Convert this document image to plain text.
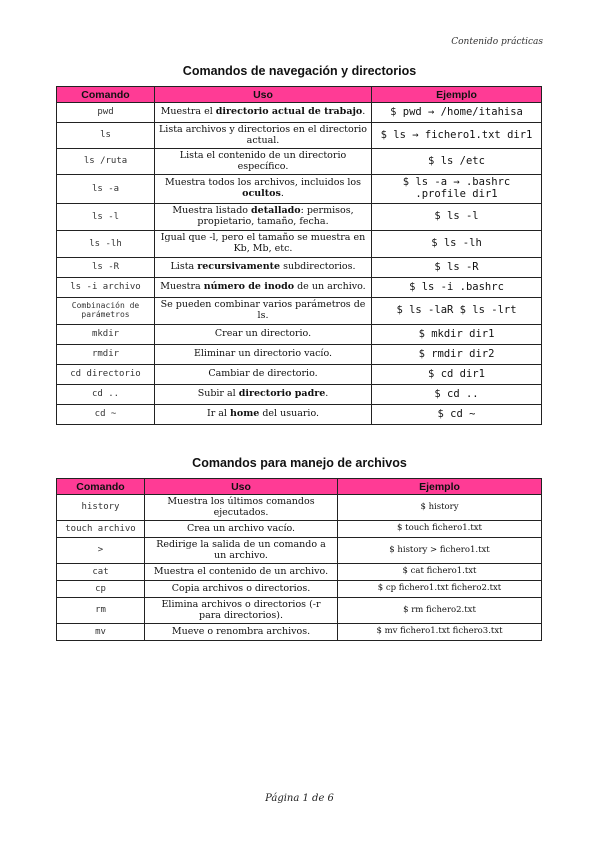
Contenido prácticas
Comandos de navegación y directorios
Comando	Uso	Ejemplo
pwd	Muestra el directorio actual de trabajo.	$ pwd → /home/itahisa
ls	Lista archivos y directorios en el directorio actual.	$ ls → fichero1.txt dir1
ls /ruta	Lista el contenido de un directorio específico.	$ ls /etc
ls -a	Muestra todos los archivos, incluidos los ocultos.	$ ls -a → .bashrc .profile dir1
ls -l	Muestra listado detallado: permisos, propietario, tamaño, fecha.	$ ls -l
ls -lh	Igual que -l, pero el tamaño se muestra en Kb, Mb, etc.	$ ls -lh
ls -R	Lista recursivamente subdirectorios.	$ ls -R
ls -i archivo	Muestra número de inodo de un archivo.	$ ls -i .bashrc
Combinación de parámetros	Se pueden combinar varios parámetros de ls.	$ ls -laR $ ls -lrt
mkdir	Crear un directorio.	$ mkdir dir1
rmdir	Eliminar un directorio vacío.	$ rmdir dir2
cd directorio	Cambiar de directorio.	$ cd dir1
cd ..	Subir al directorio padre.	$ cd ..
cd ~	Ir al home del usuario.	$ cd ~
Comandos para manejo de archivos
Comando	Uso	Ejemplo
history	Muestra los últimos comandos ejecutados.	$ history
touch archivo	Crea un archivo vacío.	$ touch fichero1.txt
>	Redirige la salida de un comando a un archivo.	$ history > fichero1.txt
cat	Muestra el contenido de un archivo.	$ cat fichero1.txt
cp	Copia archivos o directorios.	$ cp fichero1.txt fichero2.txt
rm	Elimina archivos o directorios (-r para directorios).	$ rm fichero2.txt
mv	Mueve o renombra archivos.	$ mv fichero1.txt fichero3.txt
Página 1 de 6
